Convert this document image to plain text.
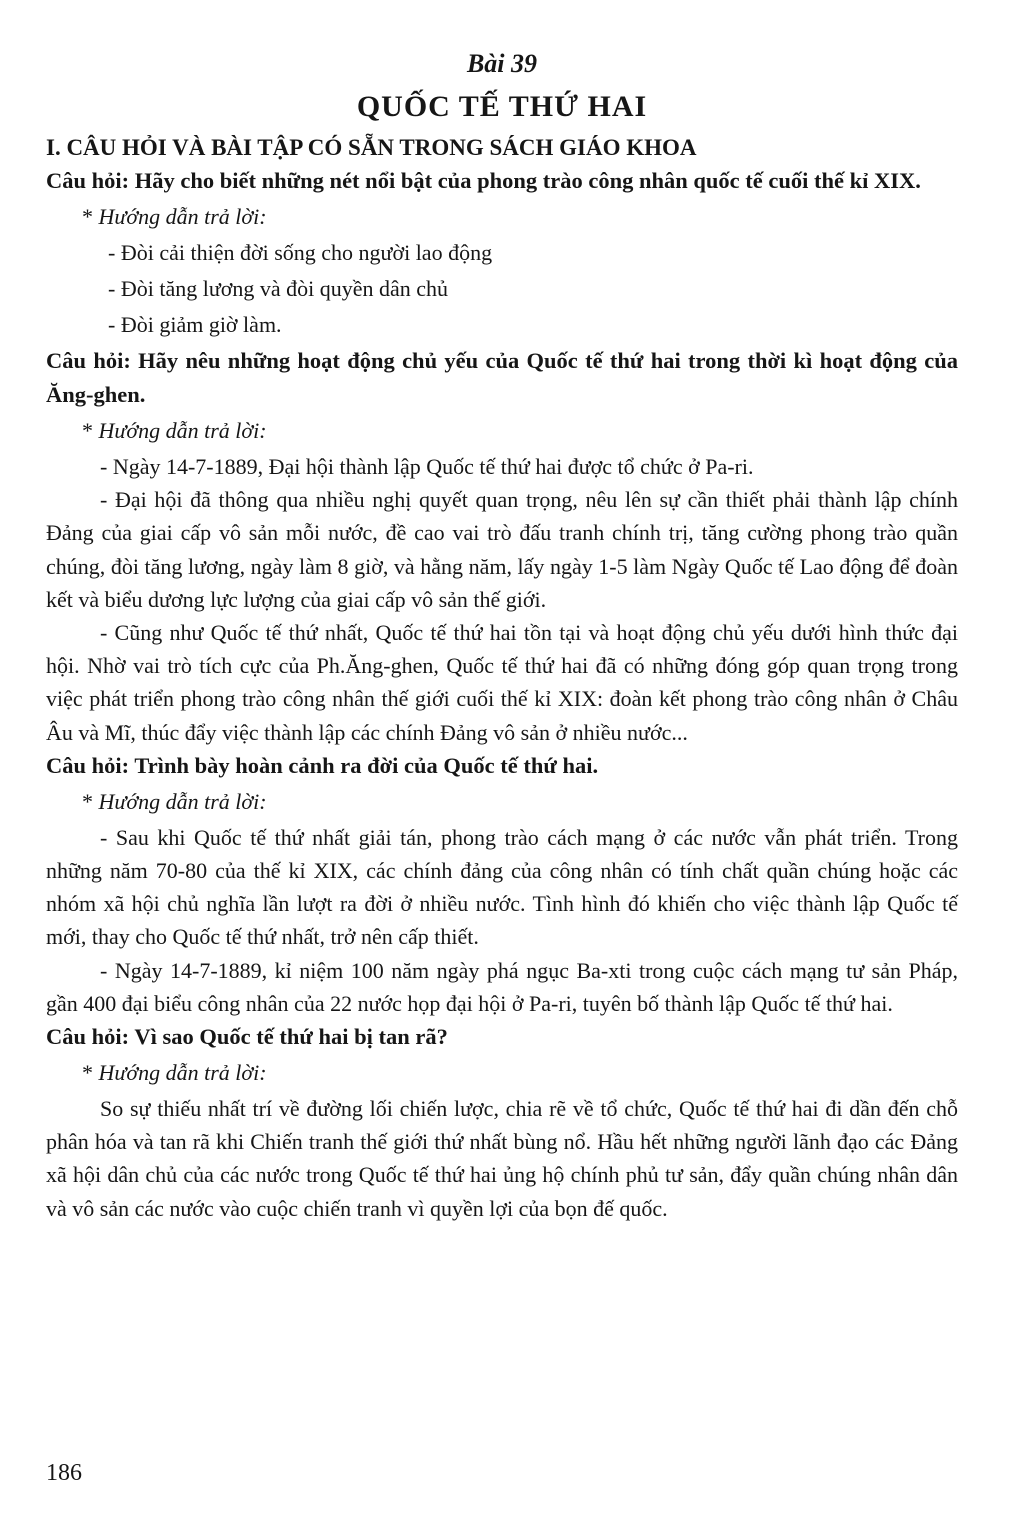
Bài 39

QUỐC TẾ THỨ HAI

I. CÂU HỎI VÀ BÀI TẬP CÓ SẴN TRONG SÁCH GIÁO KHOA

Câu hỏi: Hãy cho biết những nét nổi bật của phong trào công nhân quốc tế cuối thế kỉ XIX.

* Hướng dẫn trả lời:

- Đòi cải thiện đời sống cho người lao động

- Đòi tăng lương và đòi quyền dân chủ

- Đòi giảm giờ làm.

Câu hỏi: Hãy nêu những hoạt động chủ yếu của Quốc tế thứ hai trong thời kì hoạt động của Ăng-ghen.

* Hướng dẫn trả lời:

- Ngày 14-7-1889, Đại hội thành lập Quốc tế thứ hai được tổ chức ở Pa-ri.

- Đại hội đã thông qua nhiều nghị quyết quan trọng, nêu lên sự cần thiết phải thành lập chính Đảng của giai cấp vô sản mỗi nước, đề cao vai trò đấu tranh chính trị, tăng cường phong trào quần chúng, đòi tăng lương, ngày làm 8 giờ, và hằng năm, lấy ngày 1-5 làm Ngày Quốc tế Lao động để đoàn kết và biểu dương lực lượng của giai cấp vô sản thế giới.

- Cũng như Quốc tế thứ nhất, Quốc tế thứ hai tồn tại và hoạt động chủ yếu dưới hình thức đại hội. Nhờ vai trò tích cực của Ph.Ăng-ghen, Quốc tế thứ hai đã có những đóng góp quan trọng trong việc phát triển phong trào công nhân thế giới cuối thế kỉ XIX: đoàn kết phong trào công nhân ở Châu Âu và Mĩ, thúc đẩy việc thành lập các chính Đảng vô sản ở nhiều nước...

Câu hỏi: Trình bày hoàn cảnh ra đời của Quốc tế thứ hai.

* Hướng dẫn trả lời:

- Sau khi Quốc tế thứ nhất giải tán, phong trào cách mạng ở các nước vẫn phát triển. Trong những năm 70-80 của thế kỉ XIX, các chính đảng của công nhân có tính chất quần chúng hoặc các nhóm xã hội chủ nghĩa lần lượt ra đời ở nhiều nước. Tình hình đó khiến cho việc thành lập Quốc tế mới, thay cho Quốc tế thứ nhất, trở nên cấp thiết.

- Ngày 14-7-1889, kỉ niệm 100 năm ngày phá ngục Ba-xti trong cuộc cách mạng tư sản Pháp, gần 400 đại biểu công nhân của 22 nước họp đại hội ở Pa-ri, tuyên bố thành lập Quốc tế thứ hai.

Câu hỏi: Vì sao Quốc tế thứ hai bị tan rã?

* Hướng dẫn trả lời:

So sự thiếu nhất trí về đường lối chiến lược, chia rẽ về tổ chức, Quốc tế thứ hai đi dần đến chỗ phân hóa và tan rã khi Chiến tranh thế giới thứ nhất bùng nổ. Hầu hết những người lãnh đạo các Đảng xã hội dân chủ của các nước trong Quốc tế thứ hai ủng hộ chính phủ tư sản, đẩy quần chúng nhân dân và vô sản các nước vào cuộc chiến tranh vì quyền lợi của bọn đế quốc.

186
